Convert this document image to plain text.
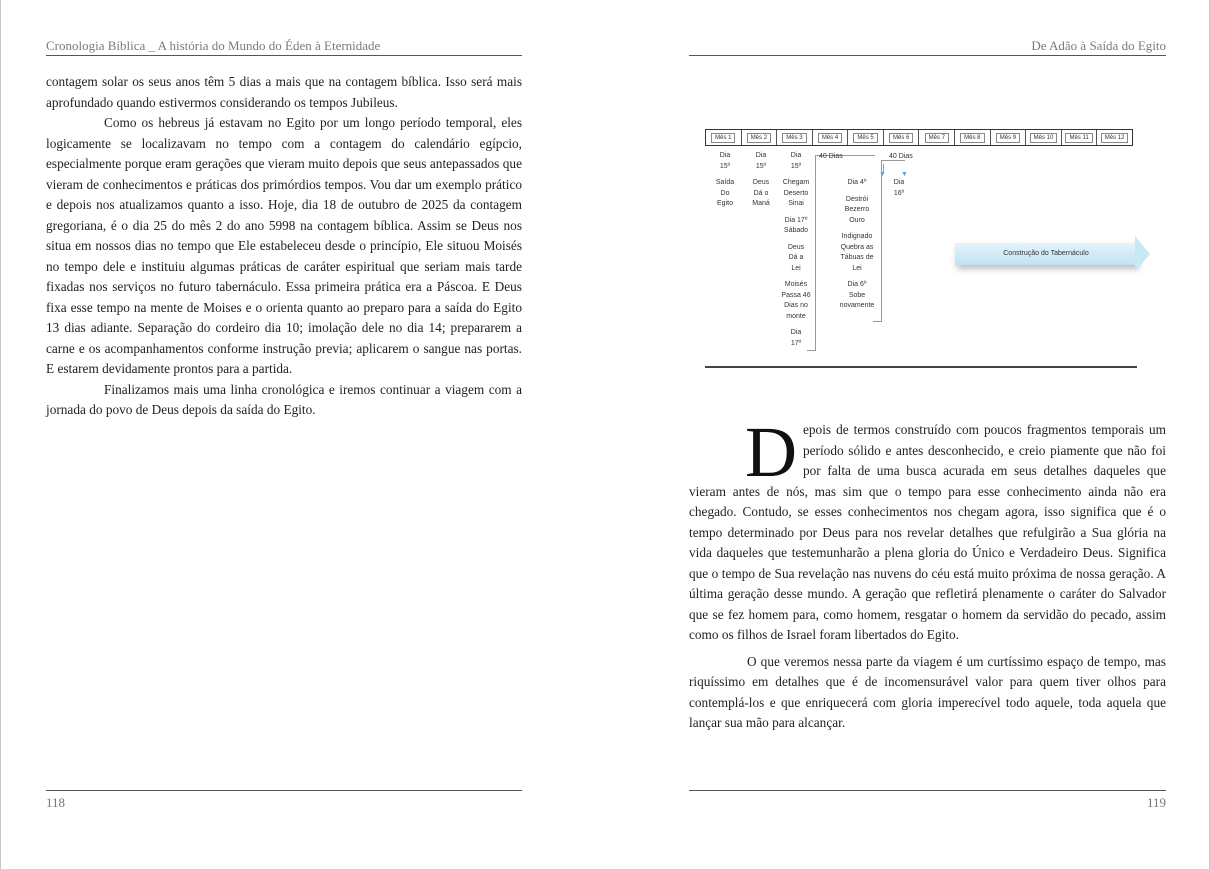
Cronologia Bíblica _ A história do Mundo do Éden à Eternidade

contagem solar os seus anos têm 5 dias a mais que na contagem bíblica. Isso será mais aprofundado quando estivermos considerando os tempos Jubileus.

Como os hebreus já estavam no Egito por um longo período temporal, eles logicamente se localizavam no tempo com a contagem do calendário egípcio, especialmente porque eram gerações que vieram muito depois que seus antepassados que vieram de conhecimentos e práticas dos primórdios tempos. Vou dar um exemplo prático e depois nos atualizamos quanto a isso. Hoje, dia 18 de outubro de 2025 da contagem gregoriana, é o dia 25 do mês 2 do ano 5998 na contagem bíblica. Assim se Deus nos situa em nossos dias no tempo que Ele estabeleceu desde o princípio, Ele situou Moisés no tempo dele e instituiu algumas práticas de caráter espiritual que seriam mais tarde fixadas nos serviços no futuro tabernáculo. Essa primeira prática era a Páscoa. E Deus fixa esse tempo na mente de Moises e o orienta quanto ao preparo para a saída do Egito 13 dias adiante. Separação do cordeiro dia 10; imolação dele no dia 14; prepararem a carne e os acompanhamentos conforme instrução previa; aplicarem o sangue nas portas. E estarem devidamente prontos para a partida.

Finalizamos mais uma linha cronológica e iremos continuar a viagem com a jornada do povo de Deus depois da saída do Egito.

118
De Adão à Saída do Egito
Mês 1	Mês 2	Mês 3	Mês 4	Mês 5	Mês 6	Mês 7	Mês 8	Mês 9	Mês 10	Mês 11	Mês 12
Dia
15º
Saída
Do
Egito
Dia
15º
Deus
Dá o
Maná
Dia
15º
Chegam
Deserto
Sinai
Dia 17º
Sábado
Deus
Dá a
Lei
Moisés
Passa 46
Dias no
monte
Dia
17º
40 Dias
▼
40 Dias
▼
Dia 4º
Destrói
Bezerro
Ouro
Indignado
Quebra as
Tábuas de
Lei
Dia 6º
Sobe
novamente
Dia
16º
Construção do Tabernáculo

Depois de termos construído com poucos fragmentos temporais um período sólido e antes desconhecido, e creio piamente que não foi por falta de uma busca acurada em seus detalhes daqueles que vieram antes de nós, mas sim que o tempo para esse conhecimento ainda não era chegado. Contudo, se esses conhecimentos nos chegam agora, isso significa que é o tempo determinado por Deus para nos revelar detalhes que refulgirão a Sua glória na vida daqueles que testemunharão a plena gloria do Único e Verdadeiro Deus. Significa que o tempo de Sua revelação nas nuvens do céu está muito próxima de nossa geração. A última geração desse mundo. A geração que refletirá plenamente o caráter do Salvador que se fez homem para, como homem, resgatar o homem da servidão do pecado, assim como os filhos de Israel foram libertados do Egito.

O que veremos nessa parte da viagem é um curtíssimo espaço de tempo, mas riquíssimo em detalhes que é de incomensurável valor para quem tiver olhos para contemplá-los e que enriquecerá com gloria imperecível todo aquele, toda aquela que lançar sua mão para alcançar.

119
